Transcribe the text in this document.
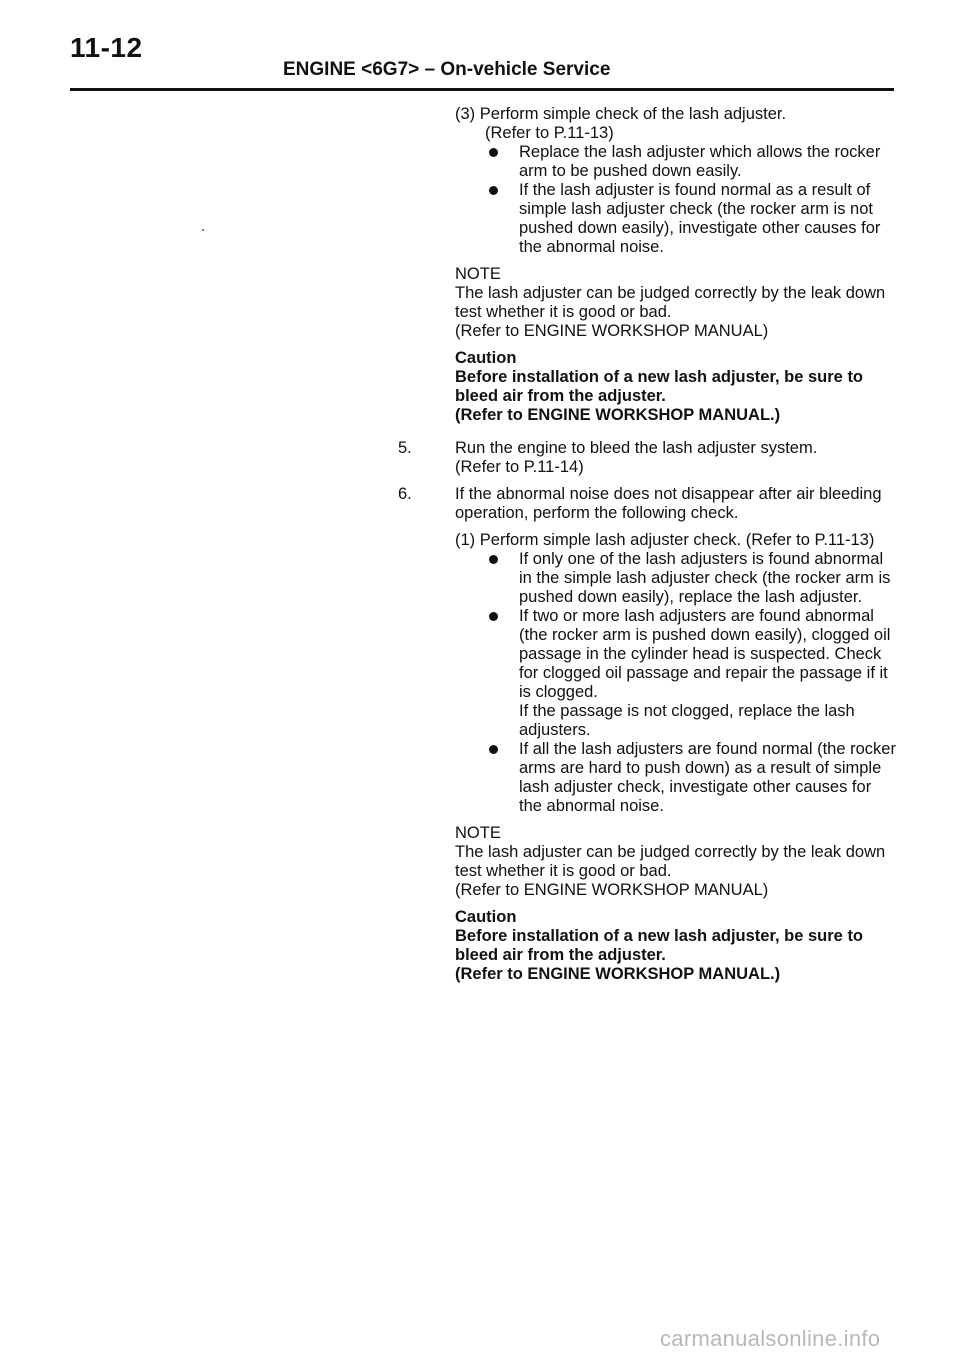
11-12
ENGINE <6G7> – On-vehicle Service

(3) Perform simple check of the lash adjuster.

(Refer to P.11-13)

Replace the lash adjuster which allows the rocker arm to be pushed down easily.
If the lash adjuster is found normal as a result of simple lash adjuster check (the rocker arm is not pushed down easily), investigate other causes for the abnormal noise.

NOTE

The lash adjuster can be judged correctly by the leak down test whether it is good or bad.

(Refer to ENGINE WORKSHOP MANUAL)

Caution

Before installation of a new lash adjuster, be sure to bleed air from the adjuster.

(Refer to ENGINE WORKSHOP MANUAL.)

5.	Run the engine to bleed the lash adjuster system.

(Refer to P.11-14)

6.	If the abnormal noise does not disappear after air bleeding operation, perform the following check.

(1) Perform simple lash adjuster check. (Refer to P.11-13)

If only one of the lash adjusters is found abnormal in the simple lash adjuster check (the rocker arm is pushed down easily), replace the lash adjuster.
If two or more lash adjusters are found abnormal (the rocker arm is pushed down easily), clogged oil passage in the cylinder head is suspected. Check for clogged oil passage and repair the passage if it is clogged.
If the passage is not clogged, replace the lash adjusters.
If all the lash adjusters are found normal (the rocker arms are hard to push down) as a result of simple lash adjuster check, investigate other causes for the abnormal noise.

NOTE

The lash adjuster can be judged correctly by the leak down test whether it is good or bad.

(Refer to ENGINE WORKSHOP MANUAL)

Caution

Before installation of a new lash adjuster, be sure to bleed air from the adjuster.

(Refer to ENGINE WORKSHOP MANUAL.)

carmanualsonline.info
